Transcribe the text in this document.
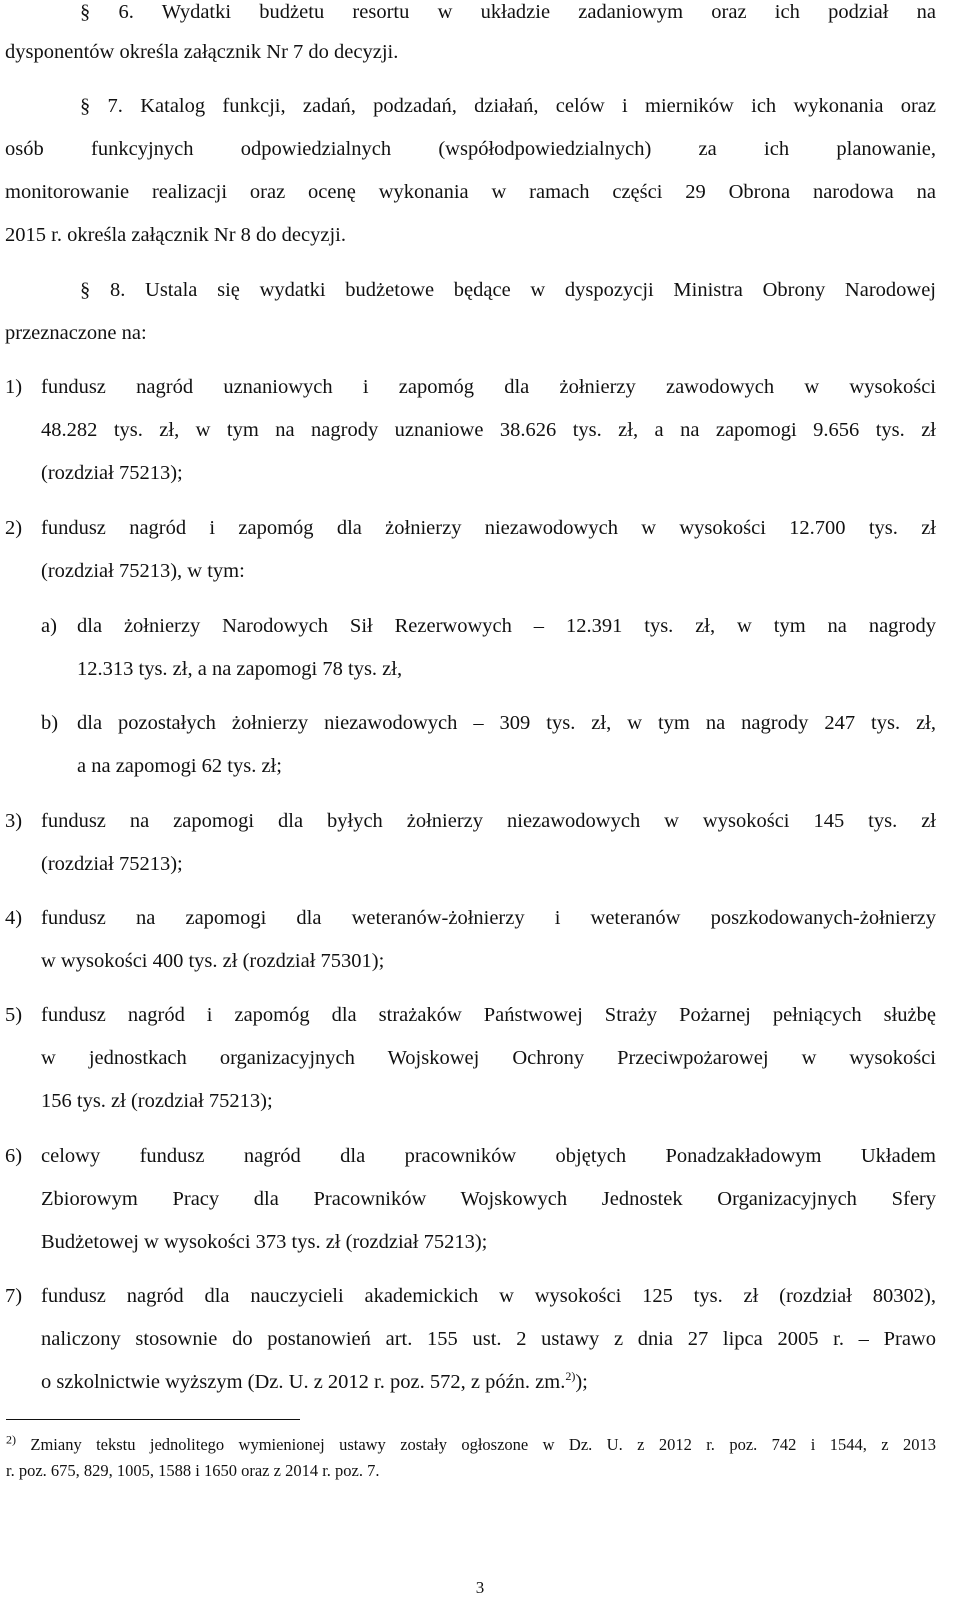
§ 6. Wydatki budżetu resortu w układzie zadaniowym oraz ich podział na
dysponentów określa załącznik Nr 7 do decyzji.
§ 7. Katalog funkcji, zadań, podzadań, działań, celów i mierników ich wykonania oraz
osób funkcyjnych odpowiedzialnych (współodpowiedzialnych) za ich planowanie,
monitorowanie realizacji oraz ocenę wykonania w ramach części 29 Obrona narodowa na
2015 r. określa załącznik Nr 8 do decyzji.
§ 8. Ustala się wydatki budżetowe będące w dyspozycji Ministra Obrony Narodowej
przeznaczone na:
1) fundusz nagród uznaniowych i zapomóg dla żołnierzy zawodowych w wysokości
48.282 tys. zł, w tym na nagrody uznaniowe 38.626 tys. zł, a na zapomogi 9.656 tys. zł
(rozdział 75213);
2) fundusz nagród i zapomóg dla żołnierzy niezawodowych w wysokości 12.700 tys. zł
(rozdział 75213), w tym:
a) dla żołnierzy Narodowych Sił Rezerwowych – 12.391 tys. zł, w tym na nagrody
12.313 tys. zł, a na zapomogi 78 tys. zł,
b) dla pozostałych żołnierzy niezawodowych – 309 tys. zł, w tym na nagrody 247 tys. zł,
a na zapomogi 62 tys. zł;
3) fundusz na zapomogi dla byłych żołnierzy niezawodowych w wysokości 145 tys. zł
(rozdział 75213);
4) fundusz na zapomogi dla weteranów-żołnierzy i weteranów poszkodowanych-żołnierzy
w wysokości 400 tys. zł (rozdział 75301);
5) fundusz nagród i zapomóg dla strażaków Państwowej Straży Pożarnej pełniących służbę
w jednostkach organizacyjnych Wojskowej Ochrony Przeciwpożarowej w wysokości
156 tys. zł (rozdział 75213);
6) celowy fundusz nagród dla pracowników objętych Ponadzakładowym Układem
Zbiorowym Pracy dla Pracowników Wojskowych Jednostek Organizacyjnych Sfery
Budżetowej w wysokości 373 tys. zł (rozdział 75213);
7) fundusz nagród dla nauczycieli akademickich w wysokości 125 tys. zł (rozdział 80302),
naliczony stosownie do postanowień art. 155 ust. 2 ustawy z dnia 27 lipca 2005 r. – Prawo
o szkolnictwie wyższym (Dz. U. z 2012 r. poz. 572, z późn. zm.$^{2)}$);
$^{2)}$ Zmiany tekstu jednolitego wymienionej ustawy zostały ogłoszone w Dz. U. z 2012 r. poz. 742 i 1544, z 2013
r. poz. 675, 829, 1005, 1588 i 1650 oraz z 2014 r. poz. 7.
3
